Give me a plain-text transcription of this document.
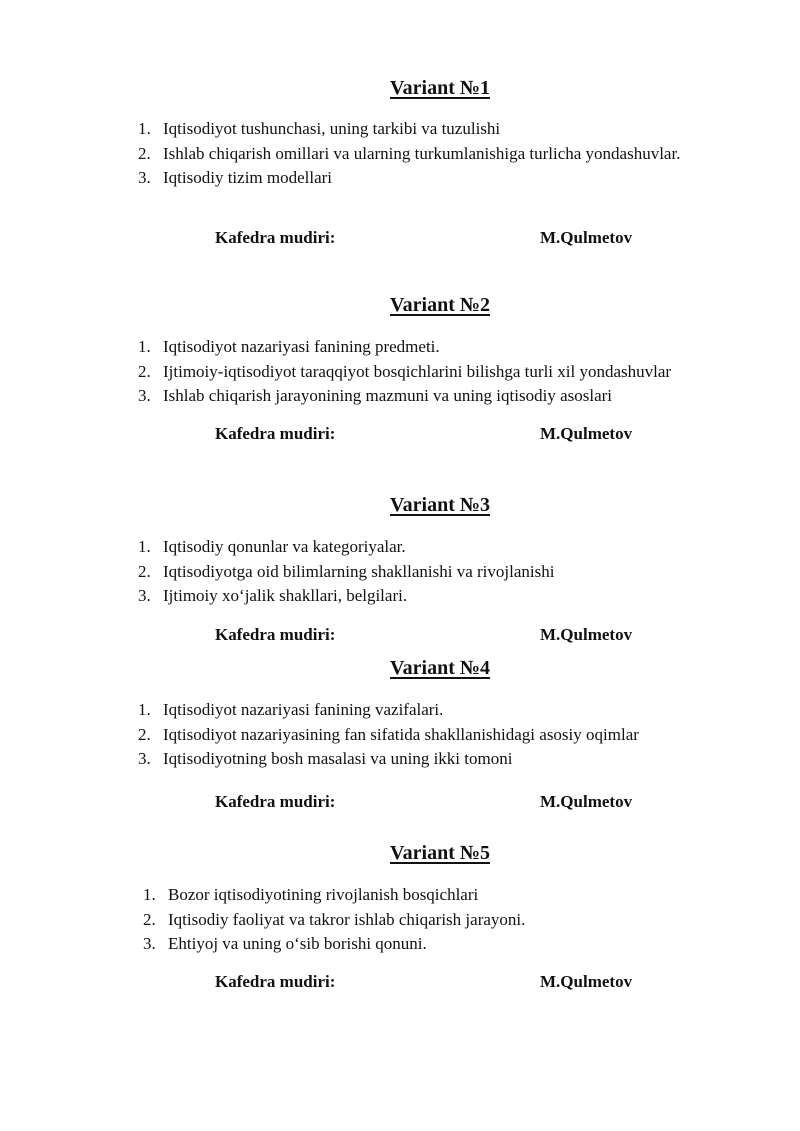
Variant №1
1. Iqtisodiyot tushunchasi, uning tarkibi va tuzulishi
2. Ishlab chiqarish omillari va ularning turkumlanishiga turlicha yondashuvlar.
3. Iqtisodiy tizim modellari
Kafedra mudiri:	M.Qulmetov
Variant №2
1. Iqtisodiyot nazariyasi fanining predmeti.
2. Ijtimoiy-iqtisodiyot taraqqiyot bosqichlarini bilishga turli xil yondashuvlar
3. Ishlab chiqarish jarayonining mazmuni va uning iqtisodiy asoslari
Kafedra mudiri:	M.Qulmetov
Variant №3
1. Iqtisodiy qonunlar va kategoriyalar.
2. Iqtisodiyotga oid bilimlarning shakllanishi va rivojlanishi
3. Ijtimoiy xo‘jalik shakllari, belgilari.
Kafedra mudiri:	M.Qulmetov
Variant №4
1. Iqtisodiyot nazariyasi fanining vazifalari.
2. Iqtisodiyot nazariyasining fan sifatida shakllanishidagi asosiy oqimlar
3. Iqtisodiyotning bosh masalasi va uning ikki tomoni
Kafedra mudiri:	M.Qulmetov
Variant №5
1. Bozor iqtisodiyotining rivojlanish bosqichlari
2. Iqtisodiy faoliyat va takror ishlab chiqarish jarayoni.
3. Ehtiyoj va uning o‘sib borishi qonuni.
Kafedra mudiri:	M.Qulmetov
